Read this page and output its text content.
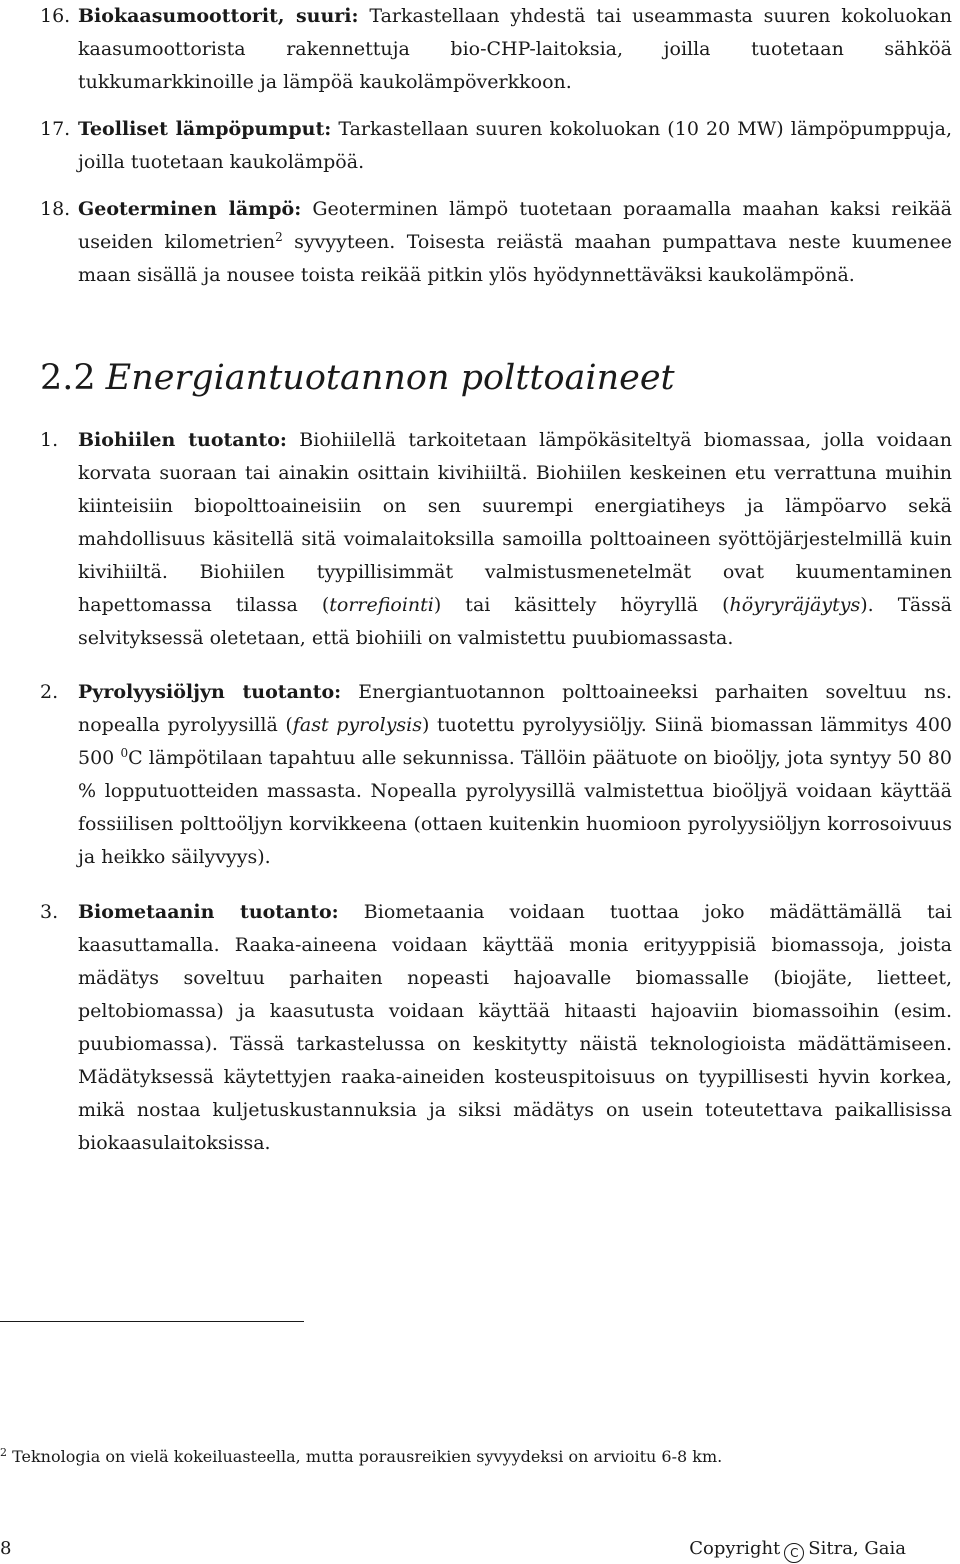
16. Biokaasumoottorit, suuri: Tarkastellaan yhdestä tai useammasta suuren kokoluokan kaasumoottorista rakennettuja bio-CHP-laitoksia, joilla tuotetaan sähköä tukkumarkkinoille ja lämpöä kaukolämpöverkkoon.
17. Teolliset lämpöpumput: Tarkastellaan suuren kokoluokan (10 20 MW) lämpöpumppuja, joilla tuotetaan kaukolämpöä.
18. Geoterminen lämpö: Geoterminen lämpö tuotetaan poraamalla maahan kaksi reikää useiden kilometrien$^2$ syvyyteen. Toisesta reiästä maahan pumpattava neste kuumenee maan sisällä ja nousee toista reikää pitkin ylös hyödynnettäväksi kaukolämpönä.
2.2 Energiantuotannon polttoaineet
1. Biohiilen tuotanto: Biohiilellä tarkoitetaan lämpökäsiteltyä biomassaa, jolla voidaan korvata suoraan tai ainakin osittain kivihiiltä. Biohiilen keskeinen etu verrattuna muihin kiinteisiin biopolttoaineisiin on sen suurempi energiatiheys ja lämpöarvo sekä mahdollisuus käsitellä sitä voimalaitoksilla samoilla polttoaineen syöttöjärjestelmillä kuin kivihiiltä. Biohiilen tyypillisimmät valmistusmenetelmät ovat kuumentaminen hapettomassa tilassa (torrefiointi) tai käsittely höyryllä (höyryräjäytys). Tässä selvityksessä oletetaan, että biohiili on valmistettu puubiomassasta.
2. Pyrolyysiöljyn tuotanto: Energiantuotannon polttoaineeksi parhaiten soveltuu ns. nopealla pyrolyysillä (fast pyrolysis) tuotettu pyrolyysiöljy. Siinä biomassan lämmitys 400 500 $^0$C lämpötilaan tapahtuu alle sekunnissa. Tällöin päätuote on bioöljy, jota syntyy 50 80 % lopputuotteiden massasta. Nopealla pyrolyysillä valmistettua bioöljyä voidaan käyttää fossiilisen polttoöljyn korvikkeena (ottaen kuitenkin huomioon pyrolyysiöljyn korrosoivuus ja heikko säilyvyys).
3. Biometaanin tuotanto: Biometaania voidaan tuottaa joko mädättämällä tai kaasuttamalla. Raaka-aineena voidaan käyttää monia erityyppisiä biomassoja, joista mädätys soveltuu parhaiten nopeasti hajoavalle biomassalle (biojäte, lietteet, peltobiomassa) ja kaasutusta voidaan käyttää hitaasti hajoaviin biomassoihin (esim. puubiomassa). Tässä tarkastelussa on keskitytty näistä teknologioista mädättämiseen. Mädätyksessä käytettyjen raaka-aineiden kosteuspitoisuus on tyypillisesti hyvin korkea, mikä nostaa kuljetuskustannuksia ja siksi mädätys on usein toteutettava paikallisissa biokaasulaitoksissa.
$^2$ Teknologia on vielä kokeiluasteella, mutta porausreikien syvyydeksi on arvioitu 6-8 km.
8	Copyright C Sitra, Gaia
